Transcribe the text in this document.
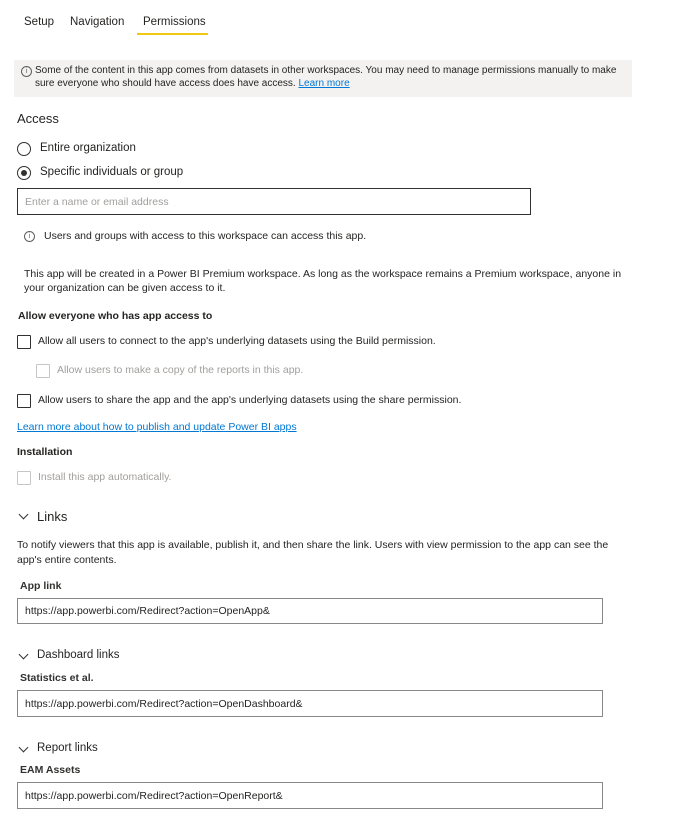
Setup Navigation Permissions
i Some of the content in this app comes from datasets in other workspaces. You may need to manage permissions manually to make sure everyone who should have access does have access. Learn more
Access
Entire organization
Specific individuals or group
Enter a name or email address
i	Users and groups with access to this workspace can access this app.
This app will be created in a Power BI Premium workspace. As long as the workspace remains a Premium workspace, anyone in your organization can be given access to it.
Allow everyone who has app access to
Allow all users to connect to the app's underlying datasets using the Build permission.
Allow users to make a copy of the reports in this app.
Allow users to share the app and the app's underlying datasets using the share permission.
Learn more about how to publish and update Power BI apps
Installation
Install this app automatically.
Links
To notify viewers that this app is available, publish it, and then share the link. Users with view permission to the app can see the app's entire contents.
App link
https://app.powerbi.com/Redirect?action=OpenApp&
Dashboard links
Statistics et al.
https://app.powerbi.com/Redirect?action=OpenDashboard&
Report links
EAM Assets
https://app.powerbi.com/Redirect?action=OpenReport&
